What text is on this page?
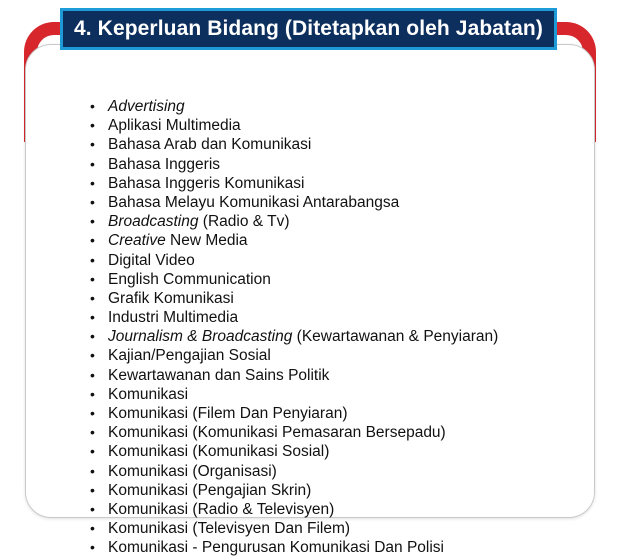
• Advertising
• Aplikasi Multimedia
• Bahasa Arab dan Komunikasi
• Bahasa Inggeris
• Bahasa Inggeris Komunikasi
• Bahasa Melayu Komunikasi Antarabangsa
• Broadcasting (Radio & Tv)
• Creative New Media
• Digital Video
• English Communication
• Grafik Komunikasi
• Industri Multimedia
• Journalism & Broadcasting (Kewartawanan & Penyiaran)
• Kajian/Pengajian Sosial
• Kewartawanan dan Sains Politik
• Komunikasi
• Komunikasi (Filem Dan Penyiaran)
• Komunikasi (Komunikasi Pemasaran Bersepadu)
• Komunikasi (Komunikasi Sosial)
• Komunikasi (Organisasi)
• Komunikasi (Pengajian Skrin)
• Komunikasi (Radio & Televisyen)
• Komunikasi (Televisyen Dan Filem)
• Komunikasi - Pengurusan Komunikasi Dan Polisi
4. Keperluan Bidang (Ditetapkan oleh Jabatan)
